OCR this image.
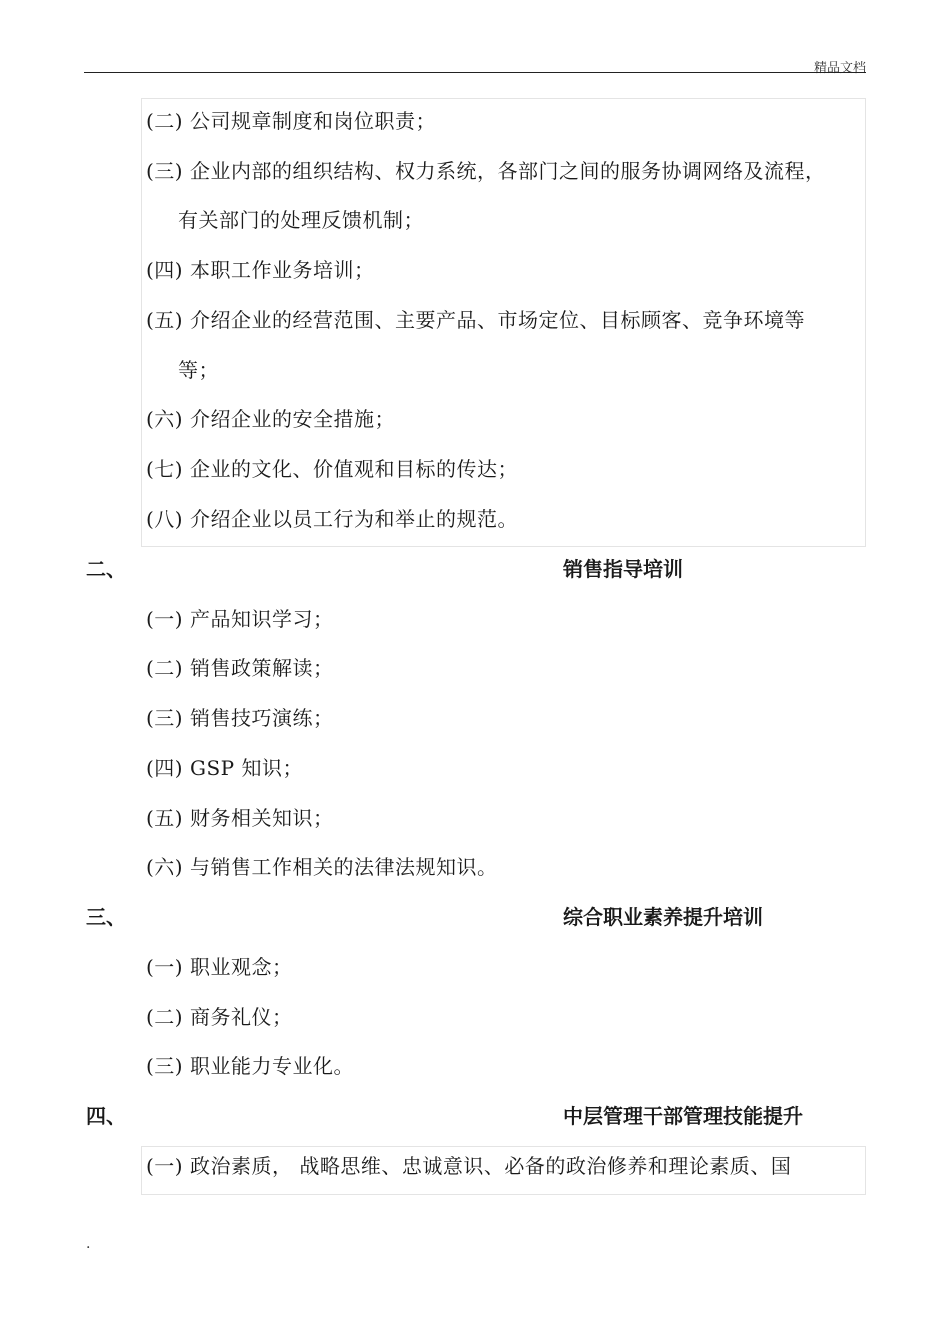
精品文档
(二) 公司规章制度和岗位职责；
(三) 企业内部的组织结构、权力系统，各部门之间的服务协调网络及流程，
有关部门的处理反馈机制；
(四) 本职工作业务培训；
(五) 介绍企业的经营范围、主要产品、市场定位、目标顾客、竞争环境等
等；
(六) 介绍企业的安全措施；
(七) 企业的文化、价值观和目标的传达；
(八) 介绍企业以员工行为和举止的规范。
二、	销售指导培训
(一) 产品知识学习；
(二) 销售政策解读；
(三) 销售技巧演练；
(四) GSP 知识；
(五) 财务相关知识；
(六) 与销售工作相关的法律法规知识。
三、	综合职业素养提升培训
(一) 职业观念；
(二) 商务礼仪；
(三) 职业能力专业化。
四、	中层管理干部管理技能提升
(一) 政治素质， 战略思维、忠诚意识、必备的政治修养和理论素质、国
.
